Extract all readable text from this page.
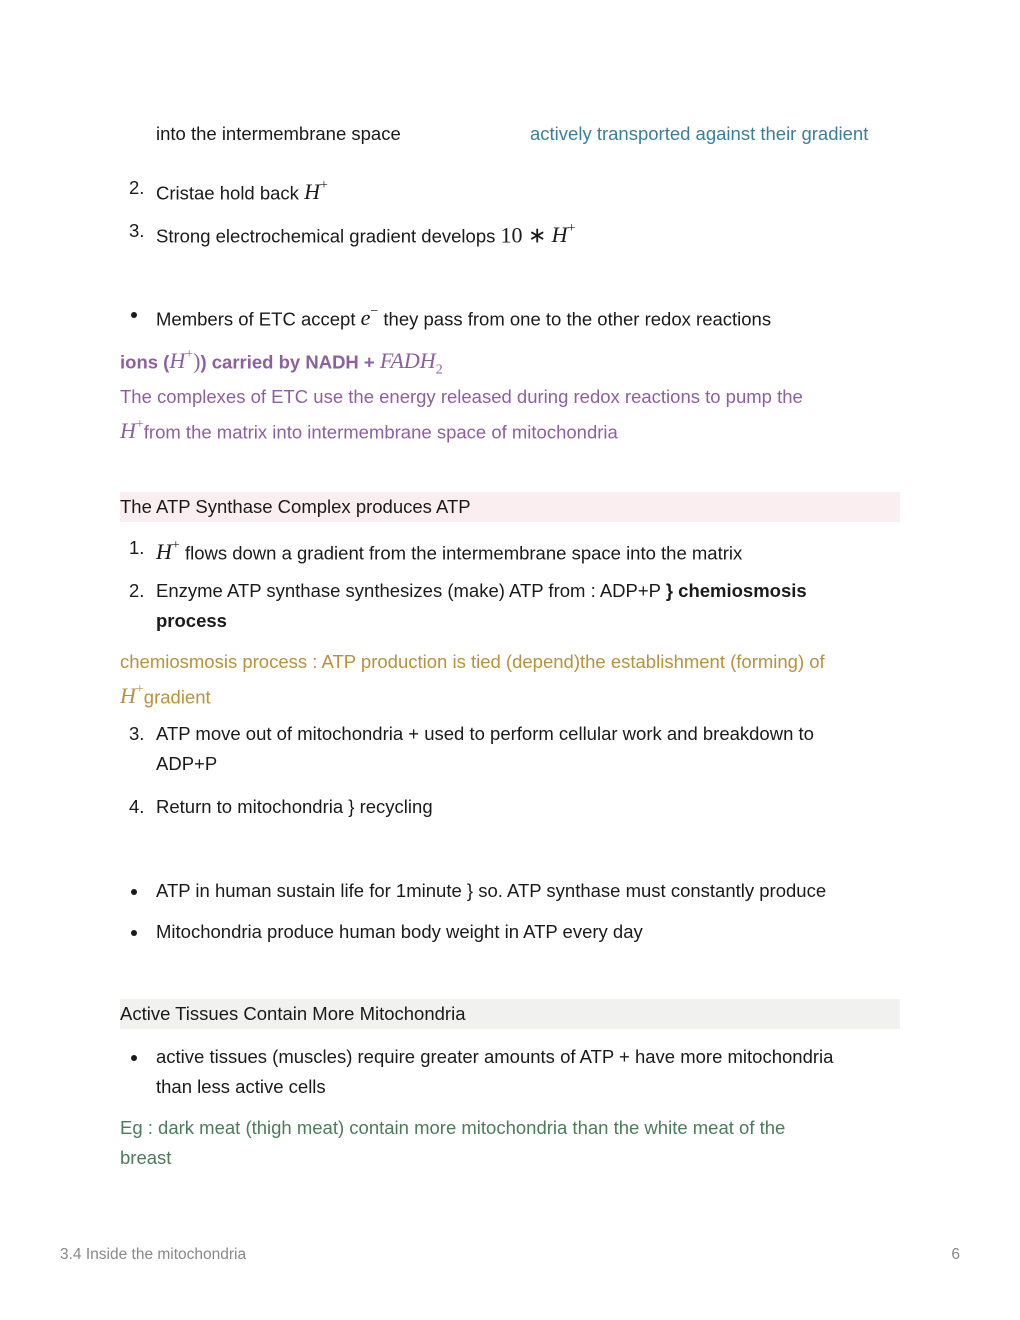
into the intermembrane space	actively transported against their gradient
2. Cristae hold back H+
3. Strong electrochemical gradient develops 10 ∗ H+
Members of ETC accept e− they pass from one to the other redox reactions
ions (H+)) carried by NADH + $FADH_2$
The complexes of ETC use the energy released during redox reactions to pump the
H+from the matrix into intermembrane space of mitochondria
The ATP Synthase Complex produces ATP
1. H+ flows down a gradient from the intermembrane space into the matrix
2. Enzyme ATP synthase synthesizes (make) ATP from : ADP+P } chemiosmosis
process
chemiosmosis process : ATP production is tied (depend)the establishment (forming) of
H+gradient
3. ATP move out of mitochondria + used to perform cellular work and breakdown to
ADP+P
4. Return to mitochondria } recycling
ATP in human sustain life for 1minute } so. ATP synthase must constantly produce
Mitochondria produce human body weight in ATP every day
Active Tissues Contain More Mitochondria
active tissues (muscles) require greater amounts of ATP + have more mitochondria
than less active cells
Eg : dark meat (thigh meat) contain more mitochondria than the white meat of the
breast
3.4 Inside the mitochondria	6
